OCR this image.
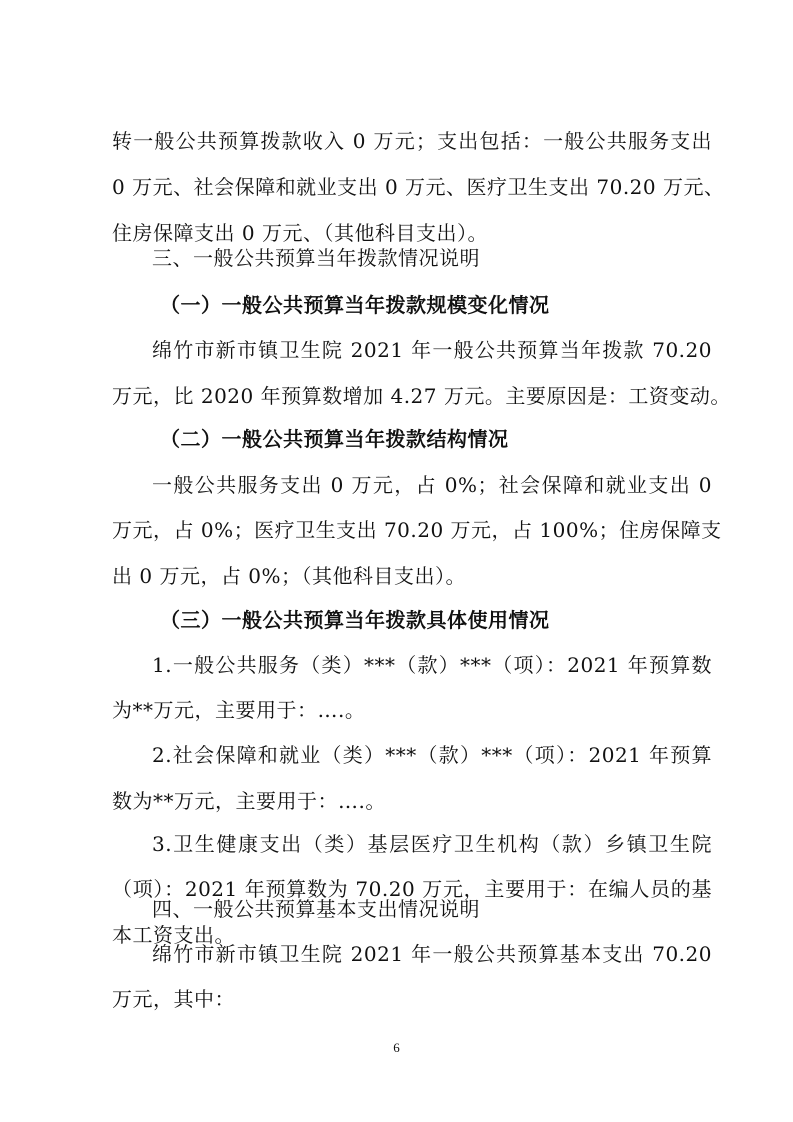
转一般公共预算拨款收入 0 万元；支出包括：一般公共服务支出
0 万元、社会保障和就业支出 0 万元、医疗卫生支出 70.20 万元、
住房保障支出 0 万元、（其他科目支出）。
三、一般公共预算当年拨款情况说明
（一）一般公共预算当年拨款规模变化情况
绵竹市新市镇卫生院 2021 年一般公共预算当年拨款 70.20
万元，比 2020 年预算数增加 4.27 万元。主要原因是：工资变动。
（二）一般公共预算当年拨款结构情况
一般公共服务支出 0 万元，占 0%；社会保障和就业支出 0
万元，占 0%；医疗卫生支出 70.20 万元，占 100%；住房保障支
出 0 万元，占 0%；（其他科目支出）。
（三）一般公共预算当年拨款具体使用情况
1.一般公共服务（类）***（款）***（项）：2021 年预算数
为**万元，主要用于：….。
2.社会保障和就业（类）***（款）***（项）：2021 年预算
数为**万元，主要用于：….。
3.卫生健康支出（类）基层医疗卫生机构（款）乡镇卫生院
（项）：2021 年预算数为 70.20 万元，主要用于：在编人员的基
本工资支出。
6
四、一般公共预算基本支出情况说明
绵竹市新市镇卫生院 2021 年一般公共预算基本支出 70.20
万元，其中：
